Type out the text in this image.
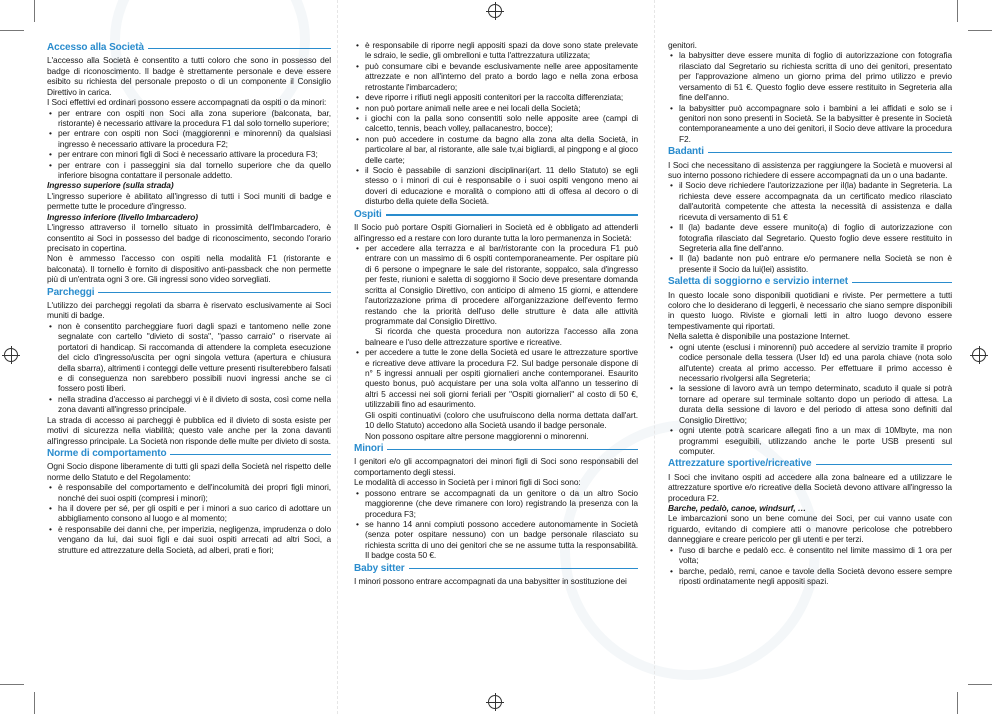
Accesso alla Società

L'accesso alla Società è consentito a tutti coloro che sono in possesso del badge di riconoscimento. Il badge è strettamente personale e deve essere esibito su richiesta del personale preposto o di un componente il Consiglio Direttivo in carica.

I Soci effettivi ed ordinari possono essere accompagnati da ospiti o da minori:

• per entrare con ospiti non Soci alla zona superiore (balconata, bar, ristorante) è necessario attivare la procedura F1 dal solo tornello superiore;
• per entrare con ospiti non Soci (maggiorenni e minorenni) da qualsiasi ingresso è necessario attivare la procedura F2;
• per entrare con minori figli di Soci è necessario attivare la procedura F3;
• per entrare con i passeggini sia dal tornello superiore che da quello inferiore bisogna contattare il personale addetto.

Ingresso superiore (sulla strada)

L'ingresso superiore è abilitato all'ingresso di tutti i Soci muniti di badge e permette tutte le procedure d'ingresso.

Ingresso inferiore (livello Imbarcadero)

L'ingresso attraverso il tornello situato in prossimità dell'Imbarcadero, è consentito ai Soci in possesso del badge di riconoscimento, secondo l'orario precisato in copertina.

Non è ammesso l'accesso con ospiti nella modalità F1 (ristorante e balconata). Il tornello è fornito di dispositivo anti-passback che non permette più di un'entrata ogni 3 ore. Gli ingressi sono video sorvegliati.

Parcheggi

L'utilizzo dei parcheggi regolati da sbarra è riservato esclusivamente ai Soci muniti di badge.

• non è consentito parcheggiare fuori dagli spazi e tantomeno nelle zone segnalate con cartello "divieto di sosta", "passo carraio" o riservate ai portatori di handicap. Si raccomanda di attendere la completa esecuzione del ciclo d'ingresso/uscita per ogni singola vettura (apertura e chiusura della sbarra), altrimenti i conteggi delle vetture presenti risulterebbero falsati e di conseguenza non sarebbero possibili nuovi ingressi anche se ci fossero posti liberi.
• nella stradina d'accesso ai parcheggi vi è il divieto di sosta, così come nella zona davanti all'ingresso principale.

La strada di accesso ai parcheggi è pubblica ed il divieto di sosta esiste per motivi di sicurezza nella viabilità; questo vale anche per la zona davanti all'ingresso principale. La Società non risponde delle multe per divieto di sosta.

Norme di comportamento

Ogni Socio dispone liberamente di tutti gli spazi della Società nel rispetto delle norme dello Statuto e del Regolamento:

• è responsabile del comportamento e dell'incolumità dei propri figli minori, nonché dei suoi ospiti (compresi i minori);
• ha il dovere per sé, per gli ospiti e per i minori a suo carico di adottare un abbigliamento consono al luogo e al momento;
• è responsabile dei danni che, per imperizia, negligenza, imprudenza o dolo vengano da lui, dai suoi figli e dai suoi ospiti arrecati ad altri Soci, a strutture ed attrezzature della Società, ad alberi, prati e fiori;
• è responsabile di riporre negli appositi spazi da dove sono state prelevate le sdraio, le sedie, gli ombrelloni e tutta l'attrezzatura utilizzata;
• può consumare cibi e bevande esclusivamente nelle aree appositamente attrezzate e non all'interno del prato a bordo lago e nella zona erbosa retrostante l'imbarcadero;
• deve riporre i rifiuti negli appositi contenitori per la raccolta differenziata;
• non può portare animali nelle aree e nei locali della Società;
• i giochi con la palla sono consentiti solo nelle apposite aree (campi di calcetto, tennis, beach volley, pallacanestro, bocce);
• non può accedere in costume da bagno alla zona alta della Società, in particolare al bar, al ristorante, alle sale tv,ai bigliardi, al pingpong e al gioco delle carte;
• il Socio è passabile di sanzioni disciplinari(art. 11 dello Statuto) se egli stesso o i minori di cui è responsabile o i suoi ospiti vengono meno ai doveri di educazione e moralità o compiono atti di offesa al decoro o di disturbo della quiete della Società.
Ospiti

Il Socio può portare Ospiti Giornalieri in Società ed è obbligato ad attenderli all'ingresso ed a restare con loro durante tutta la loro permanenza in Società:

• per accedere alla terrazza e al bar/ristorante con la procedura F1 può entrare con un massimo di 6 ospiti contemporaneamente. Per ospitare più di 6 persone o impegnare le sale del ristorante, soppalco, sala d'ingresso per feste, riunioni e saletta di soggiorno il Socio deve presentare domanda scritta al Consiglio Direttivo, con anticipo di almeno 15 giorni, e attendere l'autorizzazione prima di procedere all'organizzazione dell'evento fermo restando che la priorità dell'uso delle strutture è data alle attività programmate dal Consiglio Direttivo.
Si ricorda che questa procedura non autorizza l'accesso alla zona balneare e l'uso delle attrezzature sportive e ricreative.
• per accedere a tutte le zone della Società ed usare le attrezzature sportive e ricreative deve attivare la procedura F2. Sul badge personale dispone di n° 5 ingressi annuali per ospiti giornalieri anche contemporanei. Esaurito questo bonus, può acquistare per una sola volta all'anno un tesserino di altri 5 accessi nei soli giorni feriali per "Ospiti giornalieri" al costo di 50 €, utilizzabili fino ad esaurimento.
Gli ospiti continuativi (coloro che usufruiscono della norma dettata dall'art. 10 dello Statuto) accedono alla Società usando il badge personale.
Non possono ospitare altre persone maggiorenni o minorenni.
Minori

I genitori e/o gli accompagnatori dei minori figli di Soci sono responsabili del comportamento degli stessi.

Le modalità di accesso in Società per i minori figli di Soci sono:

• possono entrare se accompagnati da un genitore o da un altro Socio maggiorenne (che deve rimanere con loro) registrando la presenza con la procedura F3;
• se hanno 14 anni compiuti possono accedere autonomamente in Società (senza poter ospitare nessuno) con un badge personale rilasciato su richiesta scritta di uno dei genitori che se ne assume tutta la responsabilità. Il badge costa 50 €.
Baby sitter

I minori possono entrare accompagnati da una babysitter in sostituzione dei

genitori.

• la babysitter deve essere munita di foglio di autorizzazione con fotografia rilasciato dal Segretario su richiesta scritta di uno dei genitori, presentato per l'approvazione almeno un giorno prima del primo utilizzo e previo versamento di 51 €. Questo foglio deve essere restituito in Segreteria alla fine dell'anno.
• la babysitter può accompagnare solo i bambini a lei affidati e solo se i genitori non sono presenti in Società. Se la babysitter è presente in Società contemporaneamente a uno dei genitori, il Socio deve attivare la procedura F2.
Badanti

I Soci che necessitano di assistenza per raggiungere la Società e muoversi al suo interno possono richiedere di essere accompagnati da un o una badante.

• il Socio deve richiedere l'autorizzazione per il(la) badante in Segreteria. La richiesta deve essere accompagnata da un certificato medico rilasciato dall'autorità competente che attesta la necessità di assistenza e dalla ricevuta di versamento di 51 €
• Il (la) badante deve essere munito(a) di foglio di autorizzazione con fotografia rilasciato dal Segretario. Questo foglio deve essere restituito in Segreteria alla fine dell'anno.
• Il (la) badante non può entrare e/o permanere nella Società se non è presente il Socio da lui(lei) assistito.
Saletta di soggiorno e servizio internet

In questo locale sono disponibili quotidiani e riviste. Per permettere a tutti coloro che lo desiderano di leggerli, è necessario che siano sempre disponibili in questo luogo. Riviste e giornali letti in altro luogo devono essere tempestivamente qui riportati.

Nella saletta è disponibile una postazione Internet.

• ogni utente (esclusi i minorenni) può accedere al servizio tramite il proprio codice personale della tessera (User Id) ed una parola chiave (nota solo all'utente) creata al primo accesso. Per effettuare il primo accesso è necessario rivolgersi alla Segreteria;
• la sessione di lavoro avrà un tempo determinato, scaduto il quale si potrà tornare ad operare sul terminale soltanto dopo un periodo di attesa. La durata della sessione di lavoro e del periodo di attesa sono definiti dal Consiglio Direttivo;
• ogni utente potrà scaricare allegati fino a un max di 10Mbyte, ma non programmi eseguibili, utilizzando anche le porte USB presenti sul computer.
Attrezzature sportive/ricreative

I Soci che invitano ospiti ad accedere alla zona balneare ed a utilizzare le attrezzature sportive e/o ricreative della Società devono attivare all'ingresso la procedura F2.

Barche, pedalò, canoe, windsurf, …

Le imbarcazioni sono un bene comune dei Soci, per cui vanno usate con riguardo, evitando di compiere atti o manovre pericolose che potrebbero danneggiare e creare pericolo per gli utenti e per terzi.

• l'uso di barche e pedalò ecc. è consentito nel limite massimo di 1 ora per volta;
• barche, pedalò, remi, canoe e tavole della Società devono essere sempre riposti ordinatamente negli appositi spazi.
